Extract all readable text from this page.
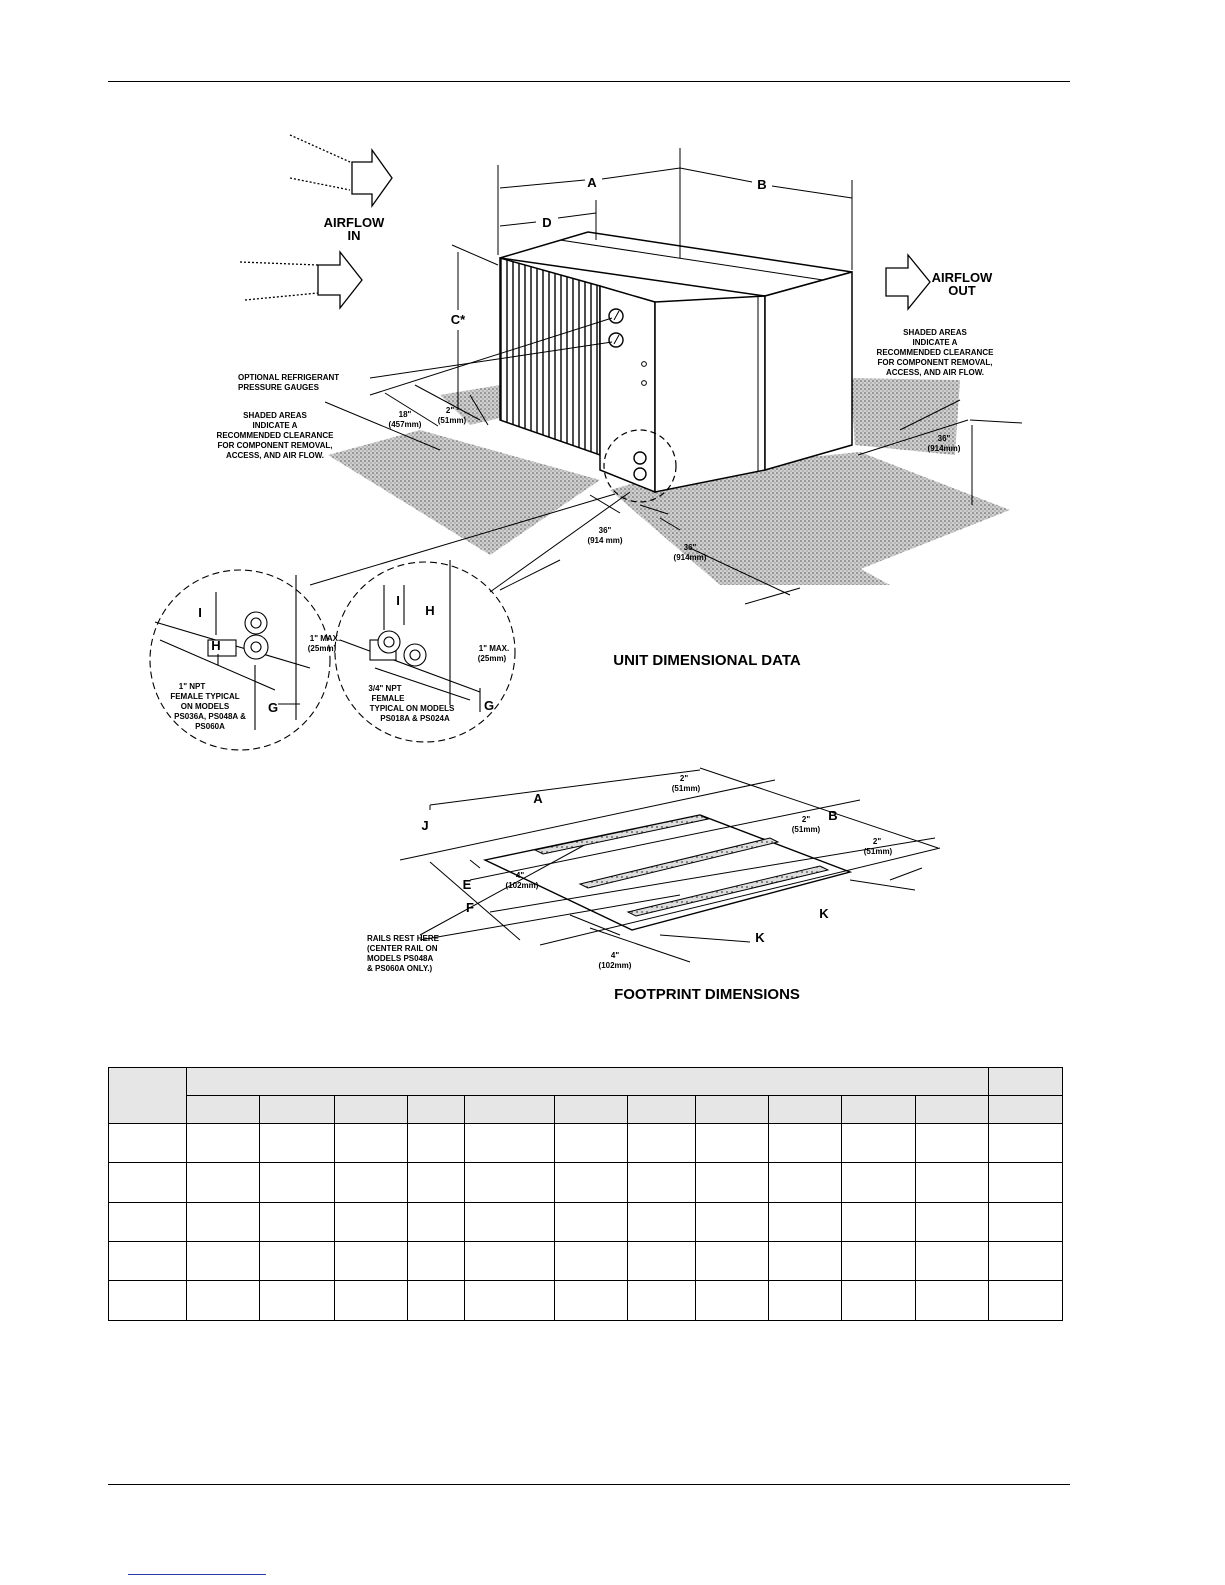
AIRFLOW
IN
AIRFLOW
OUT
A	B
C*
D
OPTIONAL REFRIGERANT
PRESSURE GAUGES
SHADED AREAS
INDICATE A
RECOMMENDED CLEARANCE
FOR COMPONENT REMOVAL,
ACCESS, AND AIR FLOW.
SHADED AREAS
INDICATE A
RECOMMENDED CLEARANCE
FOR COMPONENT REMOVAL,
ACCESS, AND AIR FLOW.
18"
(457mm)
2"
(51mm)
36"
(914mm)
36"
(914 mm)
36"
(914mm)
I
H
G
1" MAX.
(25mm)
1" NPT
FEMALE TYPICAL
ON MODELS
PS036A, PS048A &
PS060A
I
H
G
1" MAX.
(25mm)
3/4" NPT
FEMALE
TYPICAL ON MODELS
PS018A & PS024A
UNIT DIMENSIONAL DATA
A
B
J
E
F	K
K
2"
(51mm)
2"
(51mm)
2"
(51mm)
4"
(102mm)
4"
(102mm)
RAILS REST HERE
(CENTER RAIL ON
MODELS PS048A
& PS060A ONLY.)
FOOTPRINT DIMENSIONS
